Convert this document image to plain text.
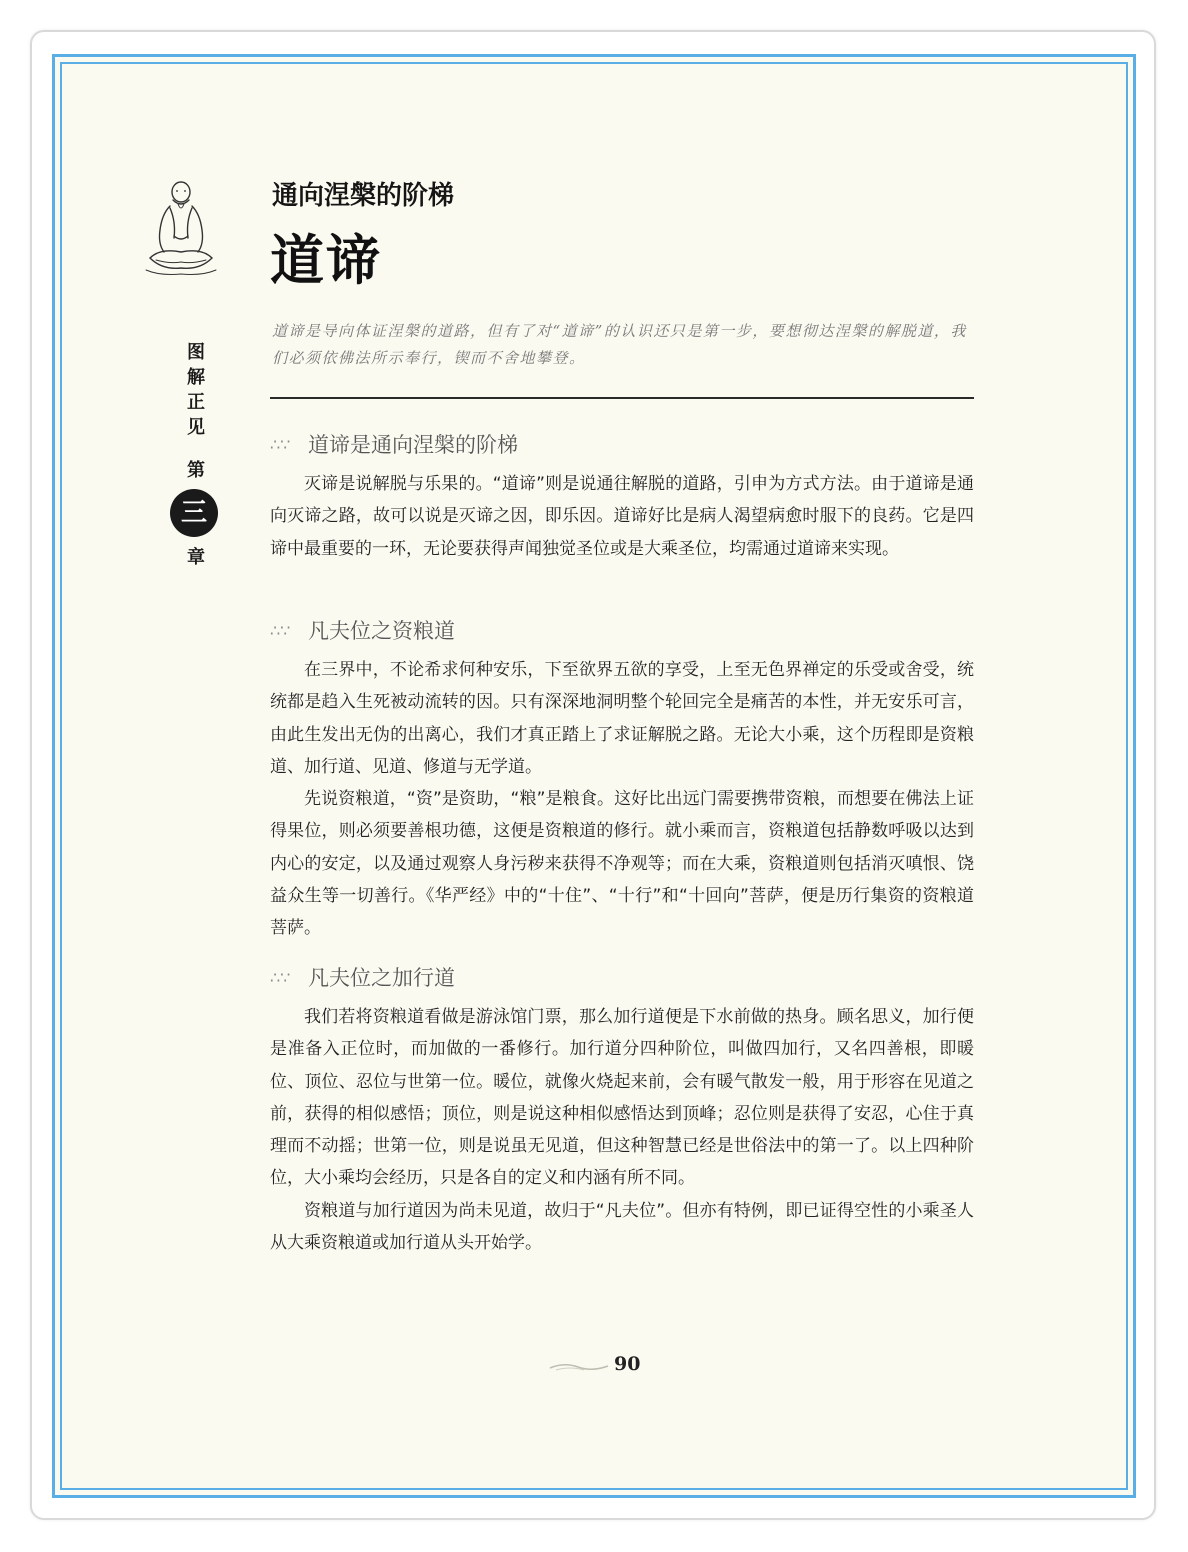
图解正见
第
三
章
通向涅槃的阶梯
道谛
道谛是导向体证涅槃的道路，但有了对“道谛”的认识还只是第一步，要想彻达涅槃的解脱道，我们必须依佛法所示奉行，锲而不舍地攀登。
∴∵ 道谛是通向涅槃的阶梯

灭谛是说解脱与乐果的。“道谛”则是说通往解脱的道路，引申为方式方法。由于道谛是通向灭谛之路，故可以说是灭谛之因，即乐因。道谛好比是病人渴望病愈时服下的良药。它是四谛中最重要的一环，无论要获得声闻独觉圣位或是大乘圣位，均需通过道谛来实现。

∴∵ 凡夫位之资粮道

在三界中，不论希求何种安乐，下至欲界五欲的享受，上至无色界禅定的乐受或舍受，统统都是趋入生死被动流转的因。只有深深地洞明整个轮回完全是痛苦的本性，并无安乐可言，由此生发出无伪的出离心，我们才真正踏上了求证解脱之路。无论大小乘，这个历程即是资粮道、加行道、见道、修道与无学道。

先说资粮道，“资”是资助，“粮”是粮食。这好比出远门需要携带资粮，而想要在佛法上证得果位，则必须要善根功德，这便是资粮道的修行。就小乘而言，资粮道包括静数呼吸以达到内心的安定，以及通过观察人身污秽来获得不净观等；而在大乘，资粮道则包括消灭嗔恨、饶益众生等一切善行。《华严经》中的“十住”、“十行”和“十回向”菩萨，便是历行集资的资粮道菩萨。

∴∵ 凡夫位之加行道

我们若将资粮道看做是游泳馆门票，那么加行道便是下水前做的热身。顾名思义，加行便是准备入正位时，而加做的一番修行。加行道分四种阶位，叫做四加行，又名四善根，即暖位、顶位、忍位与世第一位。暖位，就像火烧起来前，会有暖气散发一般，用于形容在见道之前，获得的相似感悟；顶位，则是说这种相似感悟达到顶峰；忍位则是获得了安忍，心住于真理而不动摇；世第一位，则是说虽无见道，但这种智慧已经是世俗法中的第一了。以上四种阶位，大小乘均会经历，只是各自的定义和内涵有所不同。

资粮道与加行道因为尚未见道，故归于“凡夫位”。但亦有特例，即已证得空性的小乘圣人从大乘资粮道或加行道从头开始学。

90
